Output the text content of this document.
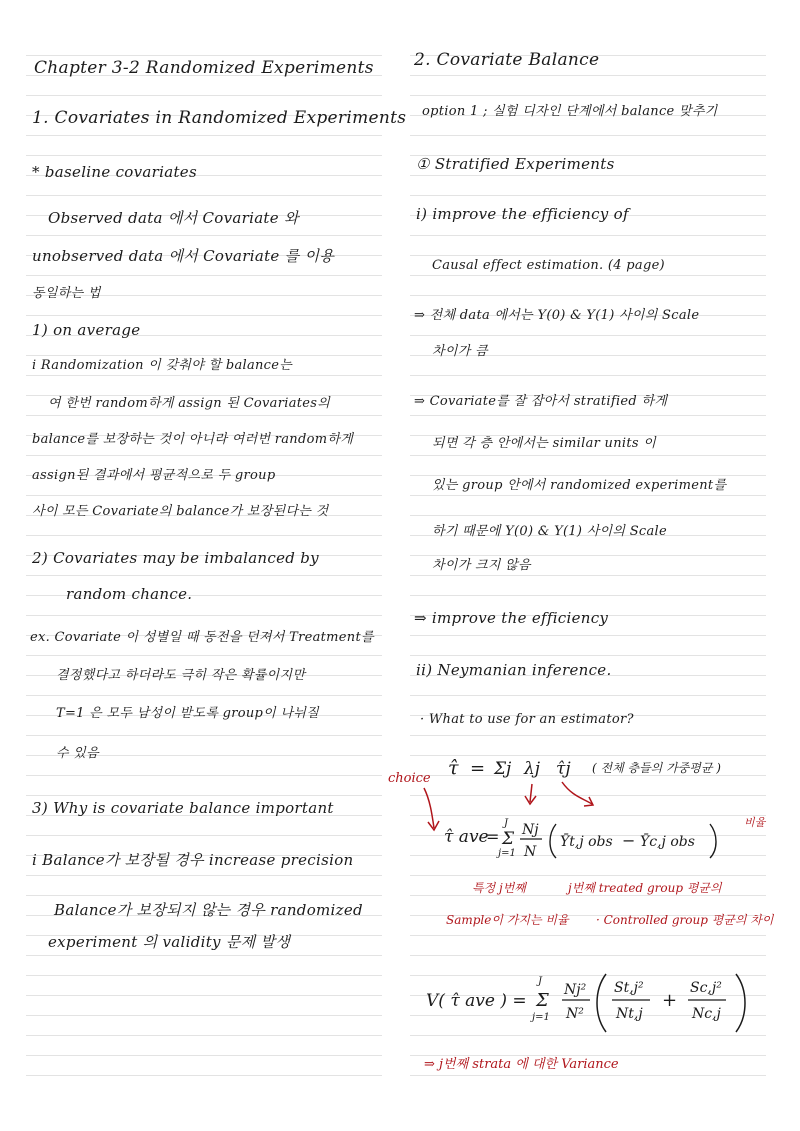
Chapter 3-2 Randomized Experiments

1. Covariates in Randomized Experiments

* baseline covariates

Observed data 에서 Covariate 와

unobserved data 에서 Covariate 를 이용

동일하는 법

1) on average

i Randomization 이 갖춰야 할 balance는

여 한번 random하게 assign 된 Covariates의

balance를 보장하는 것이 아니라 여러번 random하게

assign된 결과에서 평균적으로 두 group

사이 모든 Covariate의 balance가 보장된다는 것

2) Covariates may be imbalanced by

random chance.

ex. Covariate 이 성별일 때 동전을 던져서 Treatment를

결정했다고 하더라도 극히 작은 확률이지만

T=1 은 모두 남성이 받도록 group이 나뉘질

수 있음

3) Why is covariate balance important

i Balance가 보장될 경우 increase precision

Balance가 보장되지 않는 경우 randomized

experiment 의 validity 문제 발생

2. Covariate Balance

option 1 ; 실험 디자인 단계에서 balance 맞추기

① Stratified Experiments

i) improve the efficiency of

Causal effect estimation. (4 page)

⇒ 전체 data 에서는 Y(0) & Y(1) 사이의 Scale

차이가 큼

⇒ Covariate를 잘 잡아서 stratified 하게

되면 각 층 안에서는 similar units 이

있는 group 안에서 randomized experiment를

하기 때문에 Y(0) & Y(1) 사이의 Scale

차이가 크지 않음

⇒ improve the efficiency

ii) Neymanian inference.

· What to use for an estimator?

τ̂ = Σj λj τ̂j ( 전체 층들의 가중평균 )
choice
τ̂ ave
=
J
Σ
j=1
Nj
N
Ȳt,j obs − Ȳc,j obs
비율
특정 j번째	j번째 treated group 평균의
Sample이 가지는 비율 · Controlled group 평균의 차이
V( τ̂ ave ) =
J
Σ
j=1
Nj²
N²
St,j²
Nt,j
+
Sc,j²
Nc,j
⇒ j번째 strata 에 대한 Variance
